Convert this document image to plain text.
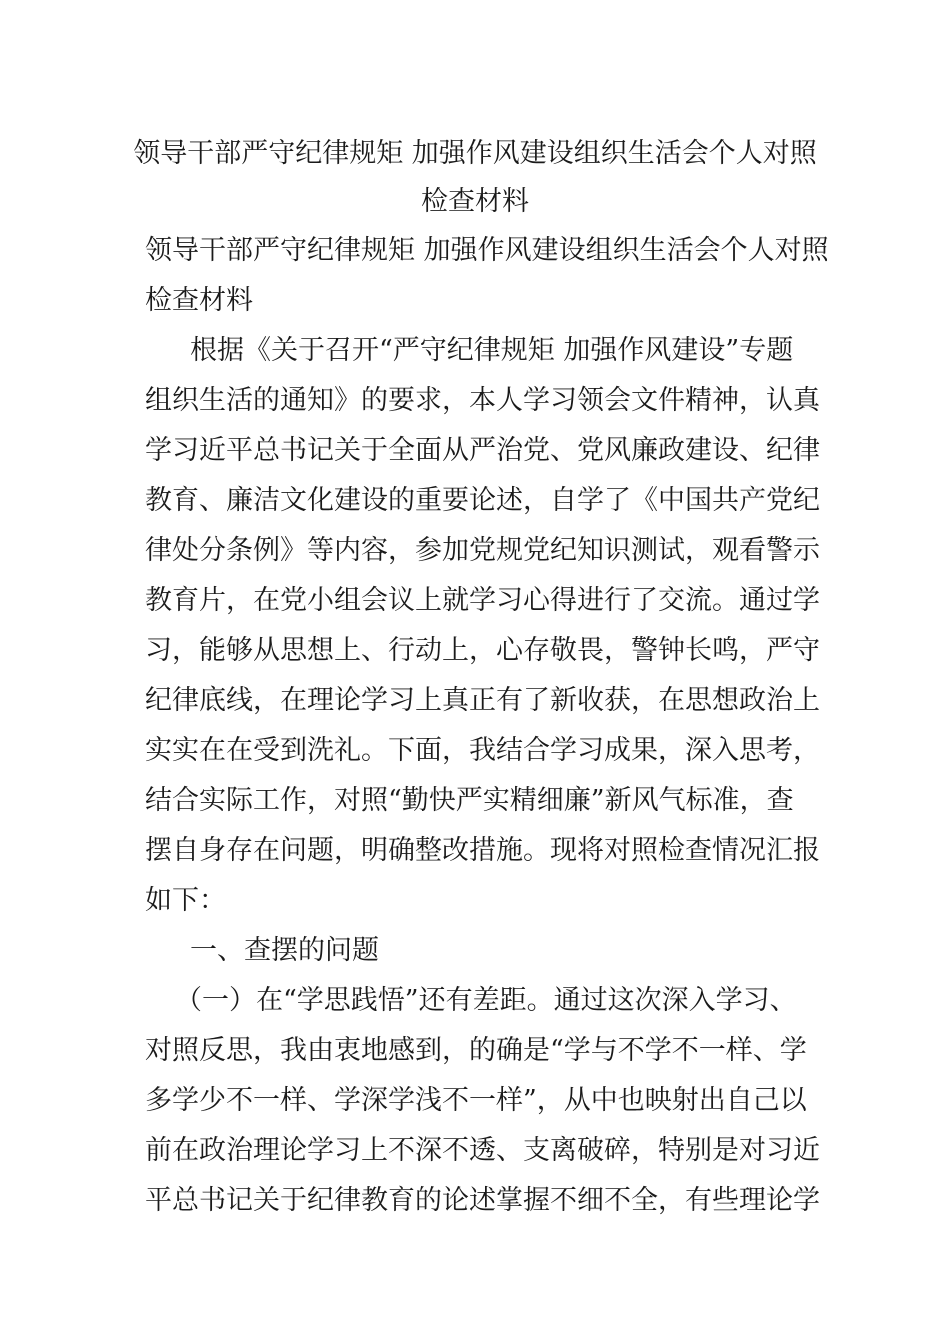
领导干部严守纪律规矩 加强作风建设组织生活会个人对照
检查材料
领导干部严守纪律规矩 加强作风建设组织生活会个人对照
检查材料
根据《关于召开“严守纪律规矩 加强作风建设”专题
组织生活的通知》的要求，本人学习领会文件精神，认真
学习近平总书记关于全面从严治党、党风廉政建设、纪律
教育、廉洁文化建设的重要论述，自学了《中国共产党纪
律处分条例》等内容，参加党规党纪知识测试，观看警示
教育片，在党小组会议上就学习心得进行了交流。通过学
习，能够从思想上、行动上，心存敬畏，警钟长鸣，严守
纪律底线，在理论学习上真正有了新收获，在思想政治上
实实在在受到洗礼。下面，我结合学习成果，深入思考，
结合实际工作，对照“勤快严实精细廉”新风气标准，查
摆自身存在问题，明确整改措施。现将对照检查情况汇报
如下：
一、查摆的问题
（一）在“学思践悟”还有差距。通过这次深入学习、
对照反思，我由衷地感到，的确是“学与不学不一样、学
多学少不一样、学深学浅不一样”，从中也映射出自己以
前在政治理论学习上不深不透、支离破碎，特别是对习近
平总书记关于纪律教育的论述掌握不细不全，有些理论学
